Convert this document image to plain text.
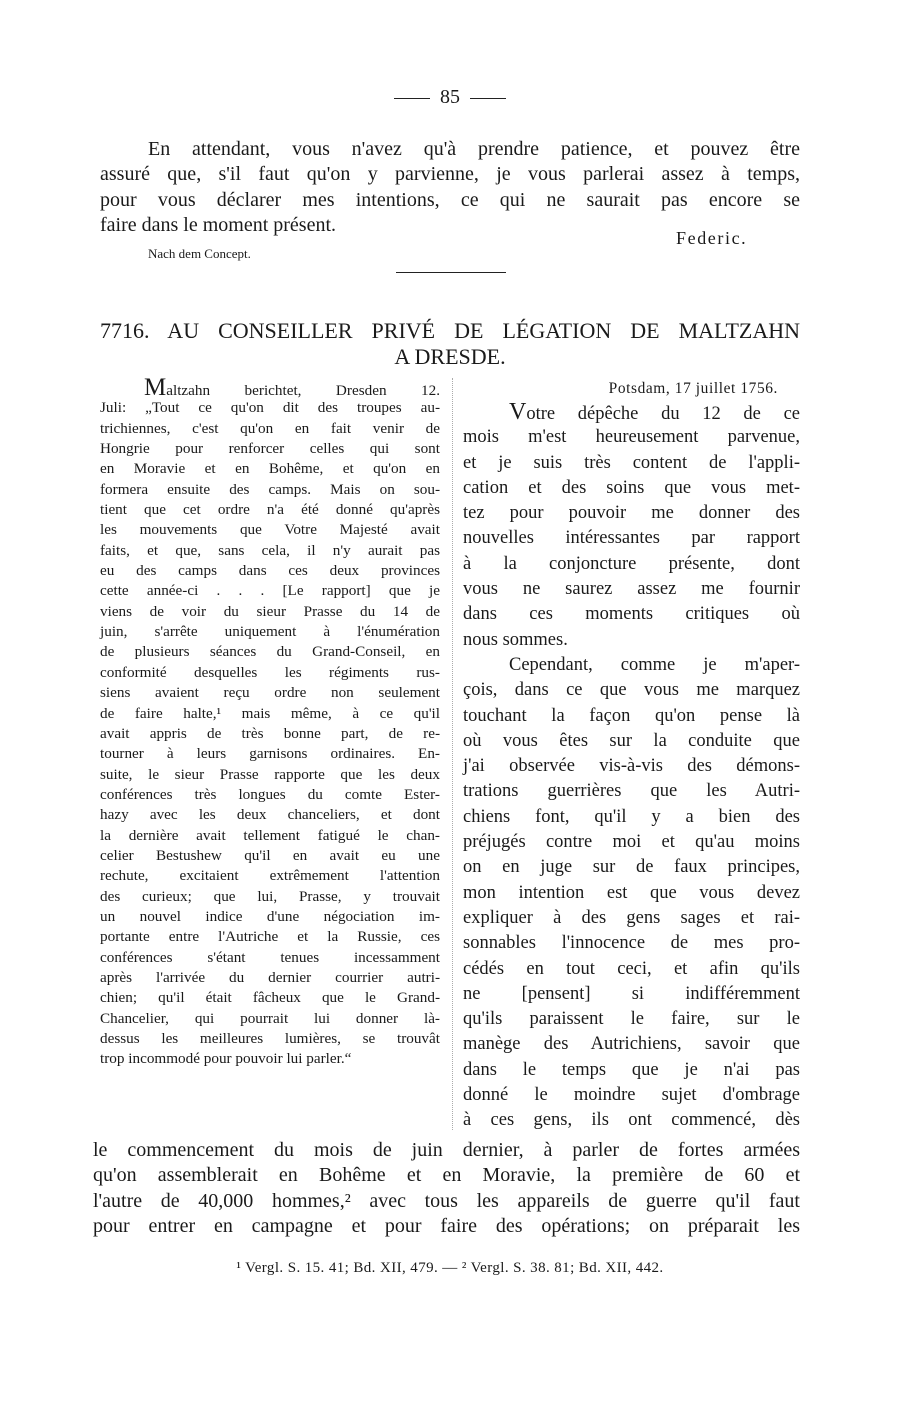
85
En attendant, vous n'avez qu'à prendre patience, et pouvez être
assuré que, s'il faut qu'on y parvienne, je vous parlerai assez à temps,
pour vous déclarer mes intentions, ce qui ne saurait pas encore se
faire dans le moment présent.
Federic.
Nach dem Concept.
7716. AU CONSEILLER PRIVÉ DE LÉGATION DE MALTZAHN
A DRESDE.
Maltzahn berichtet, Dresden 12.
Juli: „Tout ce qu'on dit des troupes au-
trichiennes, c'est qu'on en fait venir de
Hongrie pour renforcer celles qui sont
en Moravie et en Bohême, et qu'on en
formera ensuite des camps. Mais on sou-
tient que cet ordre n'a été donné qu'après
les mouvements que Votre Majesté avait
faits, et que, sans cela, il n'y aurait pas
eu des camps dans ces deux provinces
cette année-ci . . . [Le rapport] que je
viens de voir du sieur Prasse du 14 de
juin, s'arrête uniquement à l'énumération
de plusieurs séances du Grand-Conseil, en
conformité desquelles les régiments rus-
siens avaient reçu ordre non seulement
de faire halte,¹ mais même, à ce qu'il
avait appris de très bonne part, de re-
tourner à leurs garnisons ordinaires. En-
suite, le sieur Prasse rapporte que les deux
conférences très longues du comte Ester-
hazy avec les deux chanceliers, et dont
la dernière avait tellement fatigué le chan-
celier Bestushew qu'il en avait eu une
rechute, excitaient extrêmement l'attention
des curieux; que lui, Prasse, y trouvait
un nouvel indice d'une négociation im-
portante entre l'Autriche et la Russie, ces
conférences s'étant tenues incessamment
après l'arrivée du dernier courrier autri-
chien; qu'il était fâcheux que le Grand-
Chancelier, qui pourrait lui donner là-
dessus les meilleures lumières, se trouvât
trop incommodé pour pouvoir lui parler.“
Potsdam, 17 juillet 1756.
Votre dépêche du 12 de ce
mois m'est heureusement parvenue,
et je suis très content de l'appli-
cation et des soins que vous met-
tez pour pouvoir me donner des
nouvelles intéressantes par rapport
à la conjoncture présente, dont
vous ne saurez assez me fournir
dans ces moments critiques où
nous sommes.
Cependant, comme je m'aper-
çois, dans ce que vous me marquez
touchant la façon qu'on pense là
où vous êtes sur la conduite que
j'ai observée vis-à-vis des démons-
trations guerrières que les Autri-
chiens font, qu'il y a bien des
préjugés contre moi et qu'au moins
on en juge sur de faux principes,
mon intention est que vous devez
expliquer à des gens sages et rai-
sonnables l'innocence de mes pro-
cédés en tout ceci, et afin qu'ils
ne [pensent] si indifféremment
qu'ils paraissent le faire, sur le
manège des Autrichiens, savoir que
dans le temps que je n'ai pas
donné le moindre sujet d'ombrage
à ces gens, ils ont commencé, dès
le commencement du mois de juin dernier, à parler de fortes armées
qu'on assemblerait en Bohême et en Moravie, la première de 60 et
l'autre de 40,000 hommes,² avec tous les appareils de guerre qu'il faut
pour entrer en campagne et pour faire des opérations; on préparait les
¹ Vergl. S. 15. 41; Bd. XII, 479. — ² Vergl. S. 38. 81; Bd. XII, 442.
